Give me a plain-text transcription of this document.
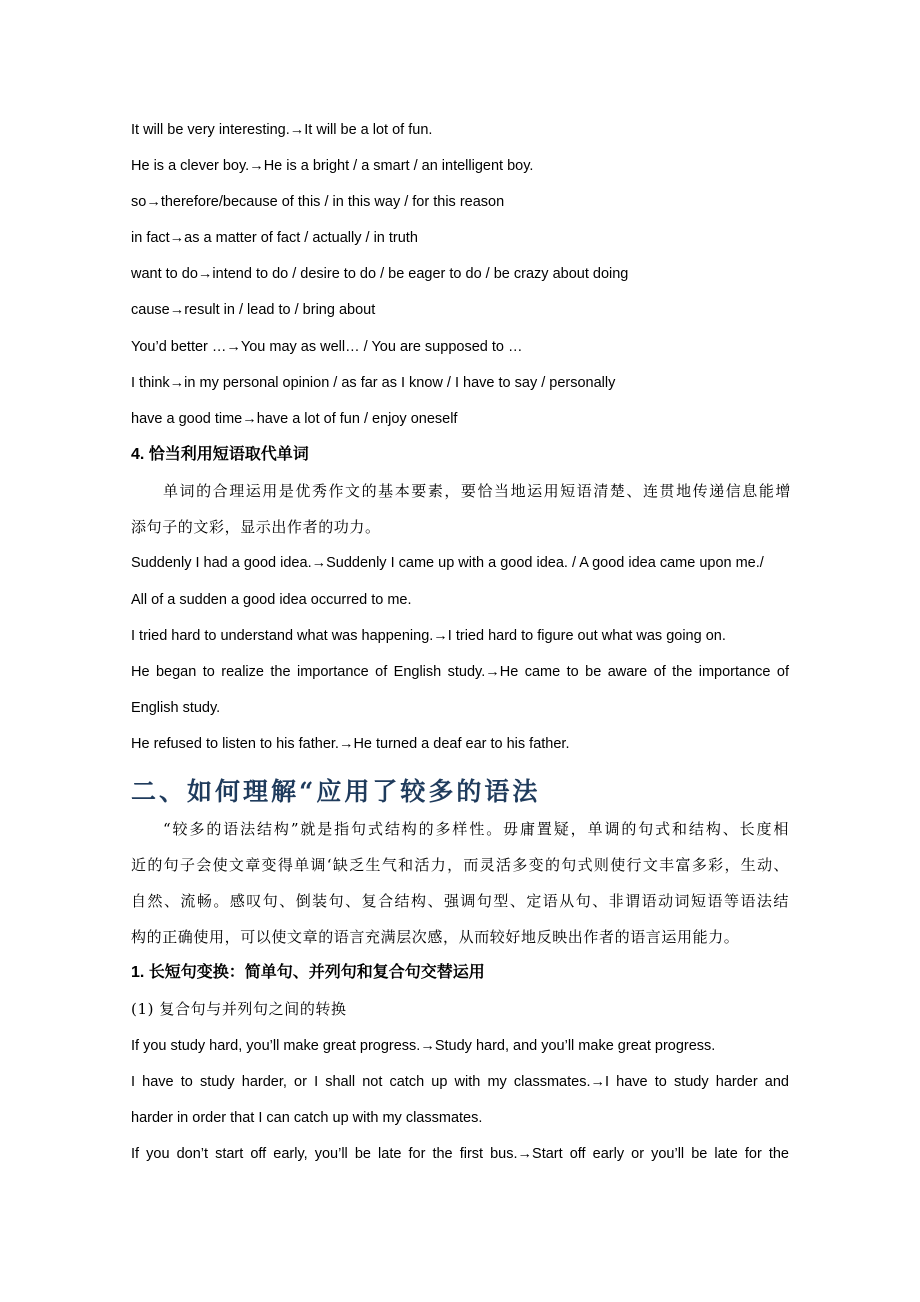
It will be very interesting.→It will be a lot of fun.
He is a clever boy.→He is a bright / a smart / an intelligent boy.
so→therefore/because of this / in this way / for this reason
in fact→as a matter of fact / actually / in truth
want to do→intend to do / desire to do / be eager to do / be crazy about doing
cause→result in / lead to / bring about
You’d better …→You may as well… / You are supposed to …
I think→in my personal opinion / as far as I know / I have to say / personally
have a good time→have a lot of fun / enjoy oneself
4. 恰当利用短语取代单词
单词的合理运用是优秀作文的基本要素，要恰当地运用短语清楚、连贯地传递信息能增
添句子的文彩，显示出作者的功力。
Suddenly I had a good idea.→Suddenly I came up with a good idea. / A good idea came upon me./
All of a sudden a good idea occurred to me.
I tried hard to understand what was happening.→I tried hard to figure out what was going on.
He began to realize the importance of English study.→He came to be aware of the importance of
English study.
He refused to listen to his father.→He turned a deaf ear to his father.
二、如何理解“应用了较多的语法
“较多的语法结构”就是指句式结构的多样性。毋庸置疑，单调的句式和结构、长度相
近的句子会使文章变得单调‘缺乏生气和活力，而灵活多变的句式则使行文丰富多彩，生动、
自然、流畅。感叹句、倒装句、复合结构、强调句型、定语从句、非谓语动词短语等语法结
构的正确使用，可以使文章的语言充满层次感，从而较好地反映出作者的语言运用能力。
1. 长短句变换：简单句、并列句和复合句交替运用
(1) 复合句与并列句之间的转换
If you study hard, you’ll make great progress.→Study hard, and you’ll make great progress.
I have to study harder, or I shall not catch up with my classmates.→I have to study harder and
harder in order that I can catch up with my classmates.
If you don’t start off early, you’ll be late for the first bus.→Start off early or you’ll be late for the
